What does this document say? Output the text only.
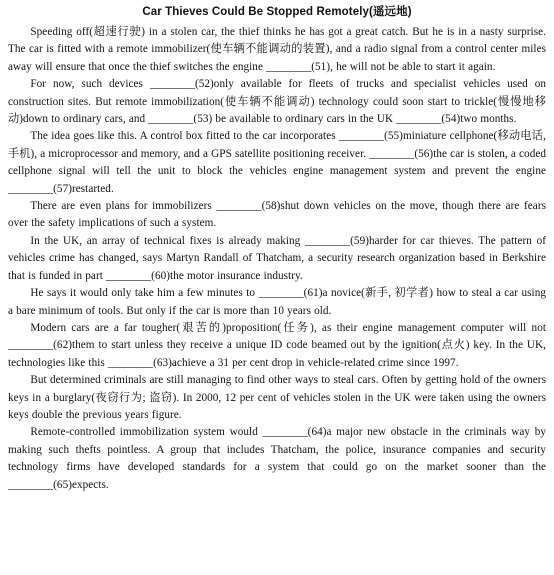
Car Thieves Could Be Stopped Remotely(遥远地)

Speeding off(超速行驶) in a stolen car, the thief thinks he has got a great catch. But he is in a nasty surprise. The car is fitted with a remote immobilizer(使车辆不能调动的装置), and a radio signal from a control center miles away will ensure that once the thief switches the engine ________(51), he will not be able to start it again.

For now, such devices ________(52)only available for fleets of trucks and specialist vehicles used on construction sites. But remote immobilization(使车辆不能调动) technology could soon start to trickle(慢慢地移动)down to ordinary cars, and ________(53) be available to ordinary cars in the UK ________(54)two months.

The idea goes like this. A control box fitted to the car incorporates ________(55)miniature cellphone(移动电话, 手机), a microprocessor and memory, and a GPS satellite positioning receiver. ________(56)the car is stolen, a coded cellphone signal will tell the unit to block the vehicles engine management system and prevent the engine ________(57)restarted.

There are even plans for immobilizers ________(58)shut down vehicles on the move, though there are fears over the safety implications of such a system.

In the UK, an array of technical fixes is already making ________(59)harder for car thieves. The pattern of vehicles crime has changed, says Martyn Randall of Thatcham, a security research organization based in Berkshire that is funded in part ________(60)the motor insurance industry.

He says it would only take him a few minutes to ________(61)a novice(新手, 初学者) how to steal a car using a bare minimum of tools. But only if the car is more than 10 years old.

Modern cars are a far tougher(艰苦的)proposition(任务), as their engine management computer will not ________(62)them to start unless they receive a unique ID code beamed out by the ignition(点火) key. In the UK, technologies like this ________(63)achieve a 31 per cent drop in vehicle-related crime since 1997.

But determined criminals are still managing to find other ways to steal cars. Often by getting hold of the owners keys in a burglary(夜窃行为; 盗窃). In 2000, 12 per cent of vehicles stolen in the UK were taken using the owners keys double the previous years figure.

Remote-controlled immobilization system would ________(64)a major new obstacle in the criminals way by making such thefts pointless. A group that includes Thatcham, the police, insurance companies and security technology firms have developed standards for a system that could go on the market sooner than the ________(65)expects.
